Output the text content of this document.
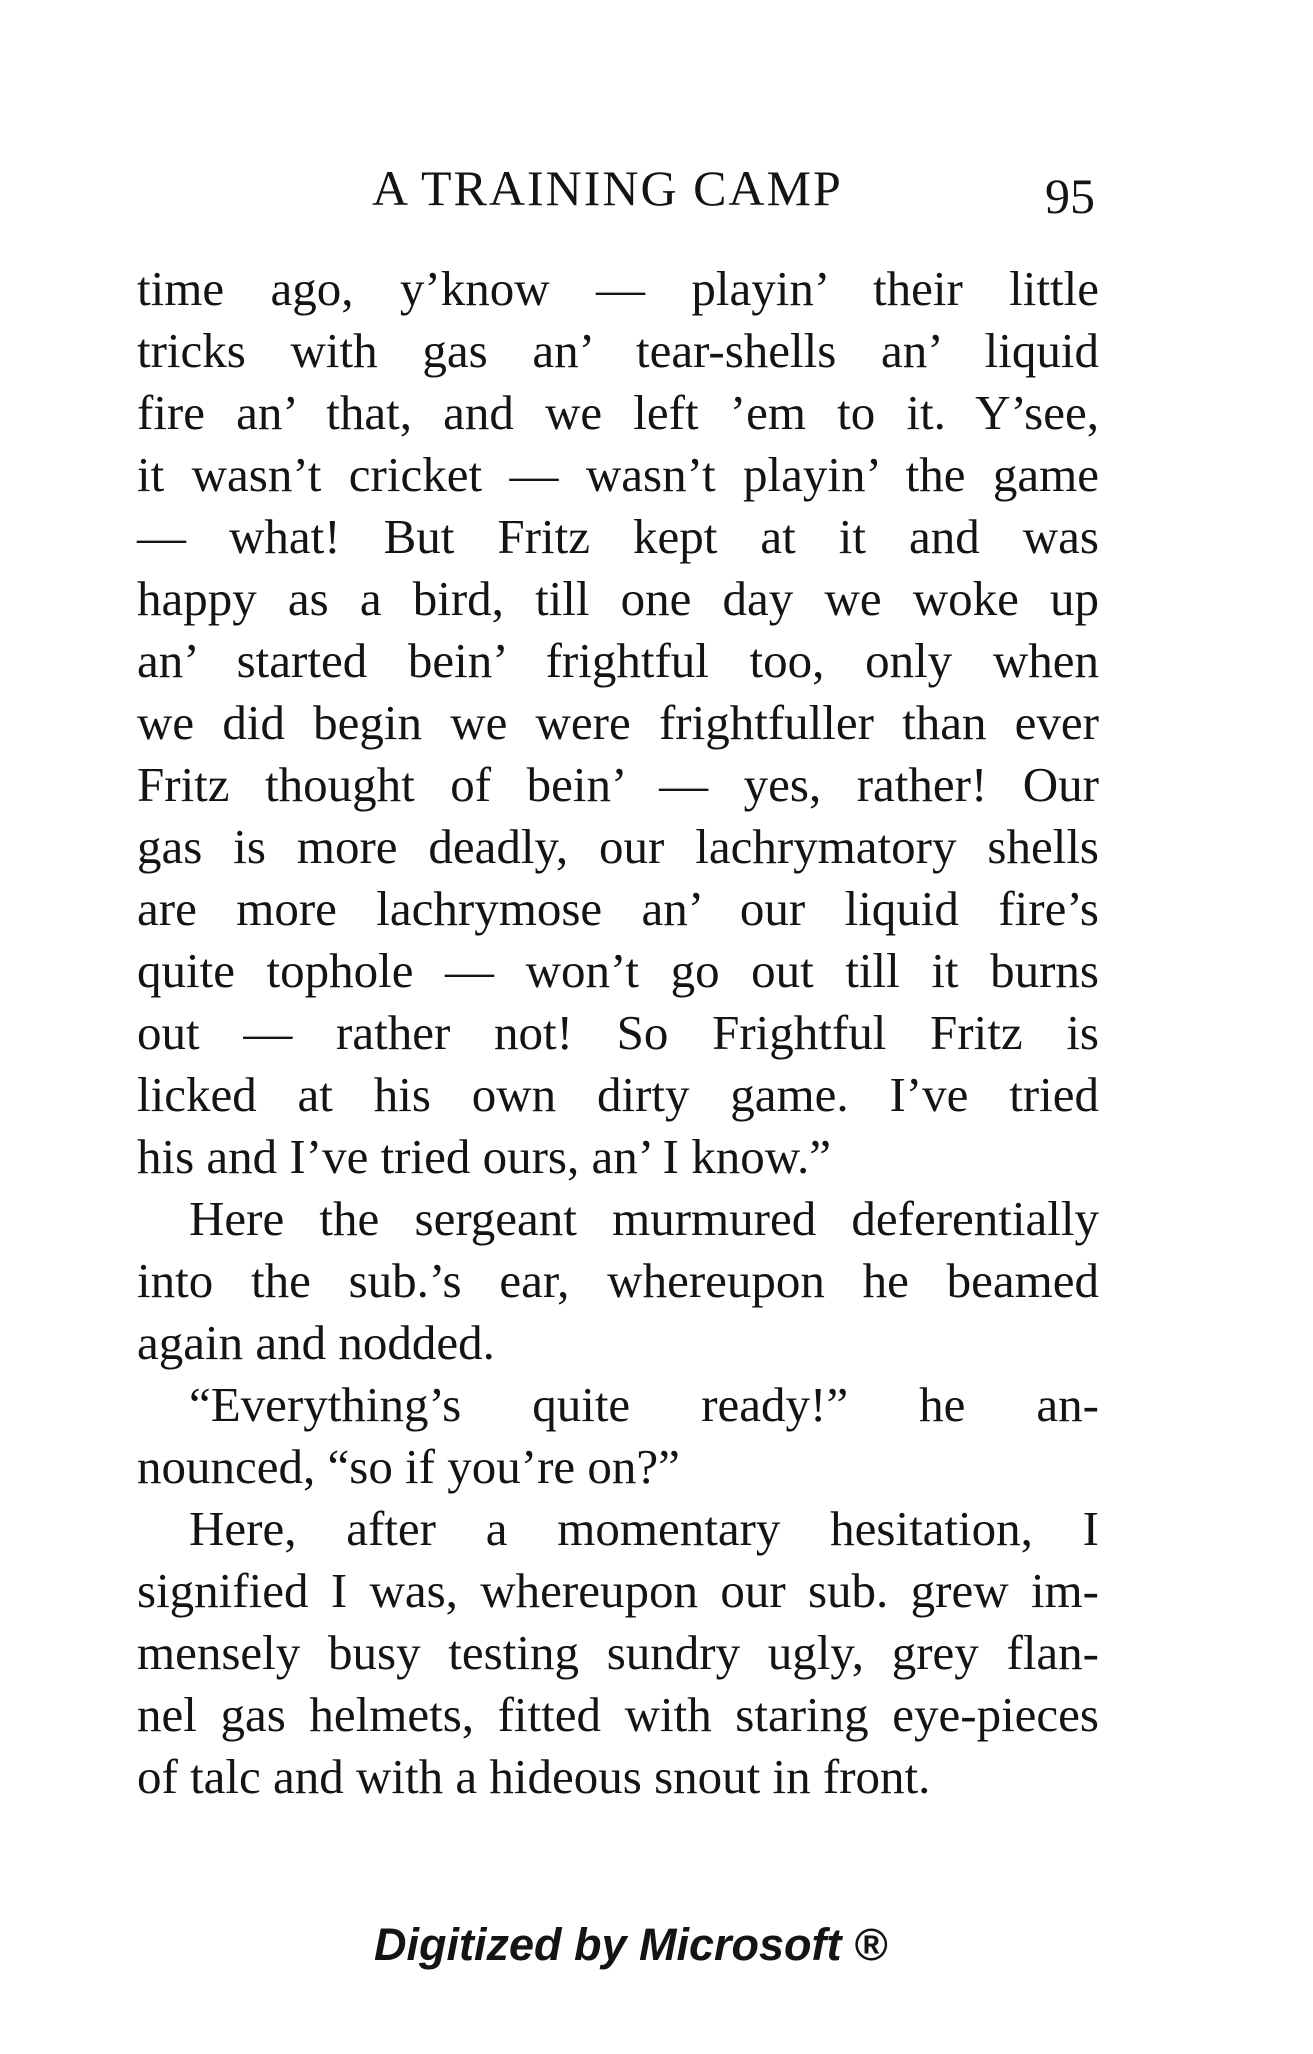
A TRAINING CAMP	95
time ago, y’know — playin’ their little
tricks with gas an’ tear-shells an’ liquid
fire an’ that, and we left ’em to it. Y’see,
it wasn’t cricket — wasn’t playin’ the game
— what! But Fritz kept at it and was
happy as a bird, till one day we woke up
an’ started bein’ frightful too, only when
we did begin we were frightfuller than ever
Fritz thought of bein’ — yes, rather! Our
gas is more deadly, our lachrymatory shells
are more lachrymose an’ our liquid fire’s
quite tophole — won’t go out till it burns
out — rather not! So Frightful Fritz is
licked at his own dirty game. I’ve tried
his and I’ve tried ours, an’ I know.”
Here the sergeant murmured deferentially
into the sub.’s ear, whereupon he beamed
again and nodded.
“Everything’s quite ready!” he an-
nounced, “so if you’re on?”
Here, after a momentary hesitation, I
signified I was, whereupon our sub. grew im-
mensely busy testing sundry ugly, grey flan-
nel gas helmets, fitted with staring eye-pieces
of talc and with a hideous snout in front.
Digitized by Microsoft ®
